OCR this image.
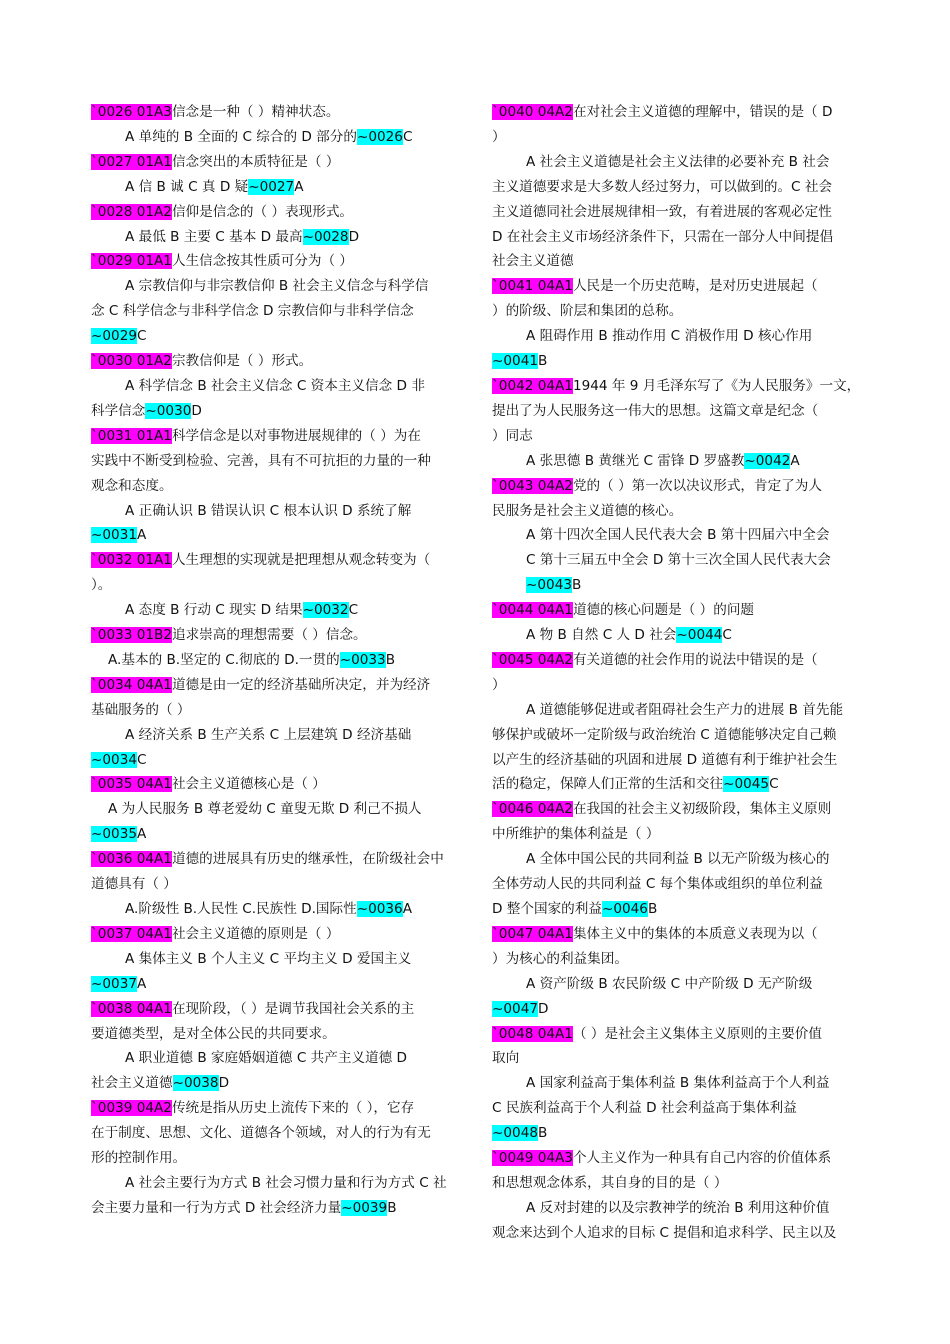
`0026 01A3信念是一种（ ）精神状态。
A 单纯的 B 全面的 C 综合的 D 部分的~0026C
`0027 01A1信念突出的本质特征是（ ）
A 信 B 诚 C 真 D 疑~0027A
`0028 01A2信仰是信念的（ ）表现形式。
A 最低 B 主要 C 基本 D 最高~0028D
`0029 01A1人生信念按其性质可分为（ ）
A 宗教信仰与非宗教信仰 B 社会主义信念与科学信
念 C 科学信念与非科学信念 D 宗教信仰与非科学信念
~0029C
`0030 01A2宗教信仰是（ ）形式。
A 科学信念 B 社会主义信念 C 资本主义信念 D 非
科学信念~0030D
`0031 01A1科学信念是以对事物进展规律的（ ）为在
实践中不断受到检验、完善，具有不可抗拒的力量的一种
观念和态度。
A 正确认识 B 错误认识 C 根本认识 D 系统了解
~0031A
`0032 01A1人生理想的实现就是把理想从观念转变为（
）。
A 态度 B 行动 C 现实 D 结果~0032C
`0033 01B2追求崇高的理想需要（ ）信念。
A.基本的 B.坚定的 C.彻底的 D.一贯的~0033B
`0034 04A1道德是由一定的经济基础所决定，并为经济
基础服务的（ ）
A 经济关系 B 生产关系 C 上层建筑 D 经济基础
~0034C
`0035 04A1社会主义道德核心是（ ）
A 为人民服务 B 尊老爱幼 C 童叟无欺 D 利己不损人
~0035A
`0036 04A1道德的进展具有历史的继承性，在阶级社会中
道德具有（ ）
A.阶级性 B.人民性 C.民族性 D.国际性~0036A
`0037 04A1社会主义道德的原则是（ ）
A 集体主义 B 个人主义 C 平均主义 D 爱国主义
~0037A
`0038 04A1在现阶段，（ ）是调节我国社会关系的主
要道德类型，是对全体公民的共同要求。
A 职业道德 B 家庭婚姻道德 C 共产主义道德 D
社会主义道德~0038D
`0039 04A2传统是指从历史上流传下来的（ ），它存
在于制度、思想、文化、道德各个领域，对人的行为有无
形的控制作用。
A 社会主要行为方式 B 社会习惯力量和行为方式 C 社
会主要力量和一行为方式 D 社会经济力量~0039B
`0040 04A2在对社会主义道德的理解中，错误的是（ D
）
A 社会主义道德是社会主义法律的必要补充 B 社会
主义道德要求是大多数人经过努力，可以做到的。C 社会
主义道德同社会进展规律相一致，有着进展的客观必定性
D 在社会主义市场经济条件下，只需在一部分人中间提倡
社会主义道德
`0041 04A1人民是一个历史范畴，是对历史进展起（
）的阶级、阶层和集团的总称。
A 阻碍作用 B 推动作用 C 消极作用 D 核心作用
~0041B
`0042 04A11944 年 9 月毛泽东写了《为人民服务》一文，
提出了为人民服务这一伟大的思想。这篇文章是纪念（
）同志
A 张思德 B 黄继光 C 雷锋 D 罗盛教~0042A
`0043 04A2党的（ ）第一次以决议形式，肯定了为人
民服务是社会主义道德的核心。
A 第十四次全国人民代表大会 B 第十四届六中全会
C 第十三届五中全会 D 第十三次全国人民代表大会
~0043B
`0044 04A1道德的核心问题是（ ）的问题
A 物 B 自然 C 人 D 社会~0044C
`0045 04A2有关道德的社会作用的说法中错误的是（
）
A 道德能够促进或者阻碍社会生产力的进展 B 首先能
够保护或破坏一定阶级与政治统治 C 道德能够决定自己赖
以产生的经济基础的巩固和进展 D 道德有利于维护社会生
活的稳定，保障人们正常的生活和交往~0045C
`0046 04A2在我国的社会主义初级阶段，集体主义原则
中所维护的集体利益是（ ）
A 全体中国公民的共同利益 B 以无产阶级为核心的
全体劳动人民的共同利益 C 每个集体或组织的单位利益
D 整个国家的利益~0046B
`0047 04A1集体主义中的集体的本质意义表现为以（
）为核心的利益集团。
A 资产阶级 B 农民阶级 C 中产阶级 D 无产阶级
~0047D
`0048 04A1（ ）是社会主义集体主义原则的主要价值
取向
A 国家利益高于集体利益 B 集体利益高于个人利益
C 民族利益高于个人利益 D 社会利益高于集体利益
~0048B
`0049 04A3个人主义作为一种具有自己内容的价值体系
和思想观念体系，其自身的目的是（ ）
A 反对封建的以及宗教神学的统治 B 利用这种价值
观念来达到个人追求的目标 C 提倡和追求科学、民主以及
